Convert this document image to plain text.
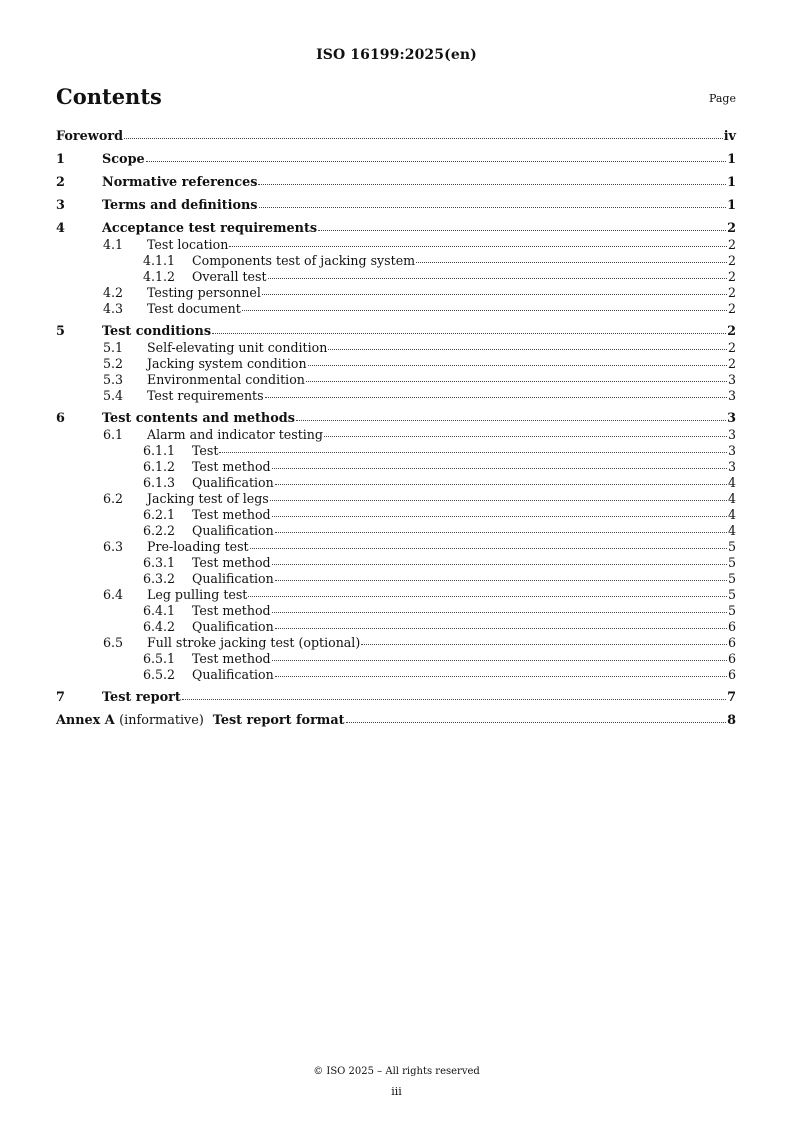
ISO 16199:2025(en)
Contents	Page
Foreword	iv
1	Scope	1
2	Normative references	1
3	Terms and definitions	1
4	Acceptance test requirements	2
4.1 Test location	2
4.1.1 Components test of jacking system	2
4.1.2 Overall test	2
4.2 Testing personnel	2
4.3 Test document	2
5	Test conditions	2
5.1 Self-elevating unit condition	2
5.2 Jacking system condition	2
5.3 Environmental condition	3
5.4 Test requirements	3
6	Test contents and methods	3
6.1 Alarm and indicator testing	3
6.1.1 Test	3
6.1.2 Test method	3
6.1.3 Qualification	4
6.2 Jacking test of legs	4
6.2.1 Test method	4
6.2.2 Qualification	4
6.3 Pre-loading test	5
6.3.1 Test method	5
6.3.2 Qualification	5
6.4 Leg pulling test	5
6.4.1 Test method	5
6.4.2 Qualification	6
6.5 Full stroke jacking test (optional)	6
6.5.1 Test method	6
6.5.2 Qualification	6
7	Test report	7
Annex A (informative) Test report format	8
© ISO 2025 – All rights reserved
iii
